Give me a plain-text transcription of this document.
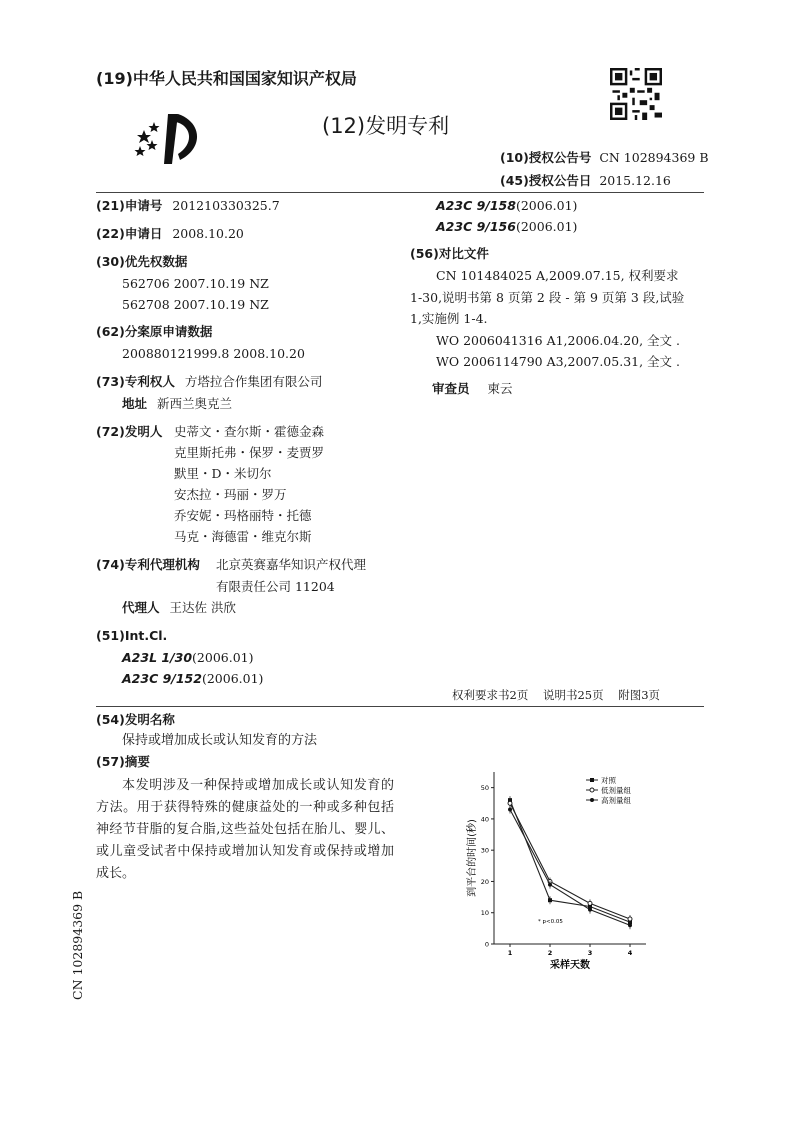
(19)中华人民共和国国家知识产权局
(12)发明专利
(10)授权公告号 CN 102894369 B
(45)授权公告日 2015.12.16
(21)申请号 201210330325.7
(22)申请日 2008.10.20
(30)优先权数据
562706 2007.10.19 NZ
562708 2007.10.19 NZ
(62)分案原申请数据
200880121999.8 2008.10.20
(73)专利权人 方塔拉合作集团有限公司
地址 新西兰奥克兰
(72)发明人 史蒂文・查尔斯・霍德金森
克里斯托弗・保罗・麦贾罗
默里・D・米切尔
安杰拉・玛丽・罗万
乔安妮・玛格丽特・托德
马克・海德雷・维克尔斯
(74)专利代理机构 北京英赛嘉华知识产权代理
有限责任公司 11204
代理人 王达佐 洪欣
(51)Int.Cl.
A23L 1/30(2006.01)
A23C 9/152(2006.01)
A23C 9/158(2006.01)
A23C 9/156(2006.01)
(56)对比文件
CN 101484025 A,2009.07.15, 权利要求
1-30,说明书第 8 页第 2 段 - 第 9 页第 3 段,试验
1,实施例 1-4.
WO 2006041316 A1,2006.04.20, 全文 .
WO 2006114790 A3,2007.05.31, 全文 .
审查员 柬云
权利要求书2页    说明书25页    附图3页
(54)发明名称
保持或增加成长或认知发育的方法
(57)摘要
本发明涉及一种保持或增加成长或认知发育的方法。用于获得特殊的健康益处的一种或多种包括神经节苷脂的复合脂,这些益处包括在胎儿、婴儿、或儿童受试者中保持或增加认知发育或保持或增加成长。
CN 102894369 B	0
10
20
30
40
50
1	2	3	4
采样天数
到平台的时间(秒)
对照
低剂量组
高剂量组
* p<0.05
